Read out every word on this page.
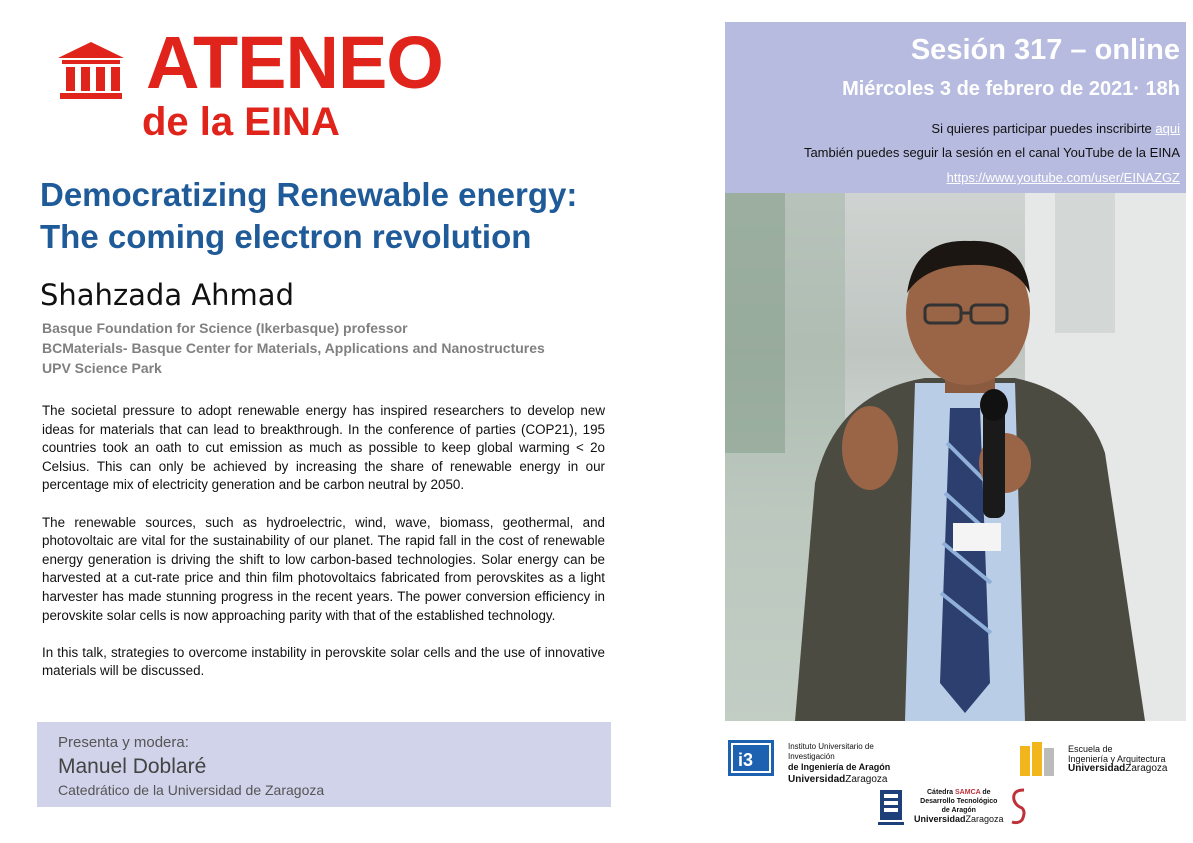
ATENEO
de la EINA
Democratizing Renewable energy:
The coming electron revolution
Shahzada Ahmad
Basque Foundation for Science (Ikerbasque) professor
BCMaterials- Basque Center for Materials, Applications and Nanostructures
UPV Science Park

The societal pressure to adopt renewable energy has inspired researchers to develop new ideas for materials that can lead to breakthrough. In the conference of parties (COP21), 195 countries took an oath to cut emission as much as possible to keep global warming < 2o Celsius. This can only be achieved by increasing the share of renewable energy in our percentage mix of electricity generation and be carbon neutral by 2050.

The renewable sources, such as hydroelectric, wind, wave, biomass, geothermal, and photovoltaic are vital for the sustainability of our planet. The rapid fall in the cost of renewable energy generation is driving the shift to low carbon-based technologies. Solar energy can be harvested at a cut-rate price and thin film photovoltaics fabricated from perovskites as a light harvester has made stunning progress in the recent years. The power conversion efficiency in perovskite solar cells is now approaching parity with that of the established technology.

In this talk, strategies to overcome instability in perovskite solar cells and the use of innovative materials will be discussed.

Presenta y modera:
Manuel Doblaré
Catedrático de la Universidad de Zaragoza
Sesión 317 – online
Miércoles 3 de febrero de 2021· 18h
Si quieres participar puedes inscribirte aqui
También puedes seguir la sesión en el canal YouTube de la EINA
https://www.youtube.com/user/EINAZGZ
i3
Instituto Universitario de Investigación
de Ingeniería de Aragón
UniversidadZaragoza
Escuela de
Ingeniería y Arquitectura
UniversidadZaragoza
Cátedra SAMCA de
Desarrollo Tecnológico
de Aragón
UniversidadZaragoza
